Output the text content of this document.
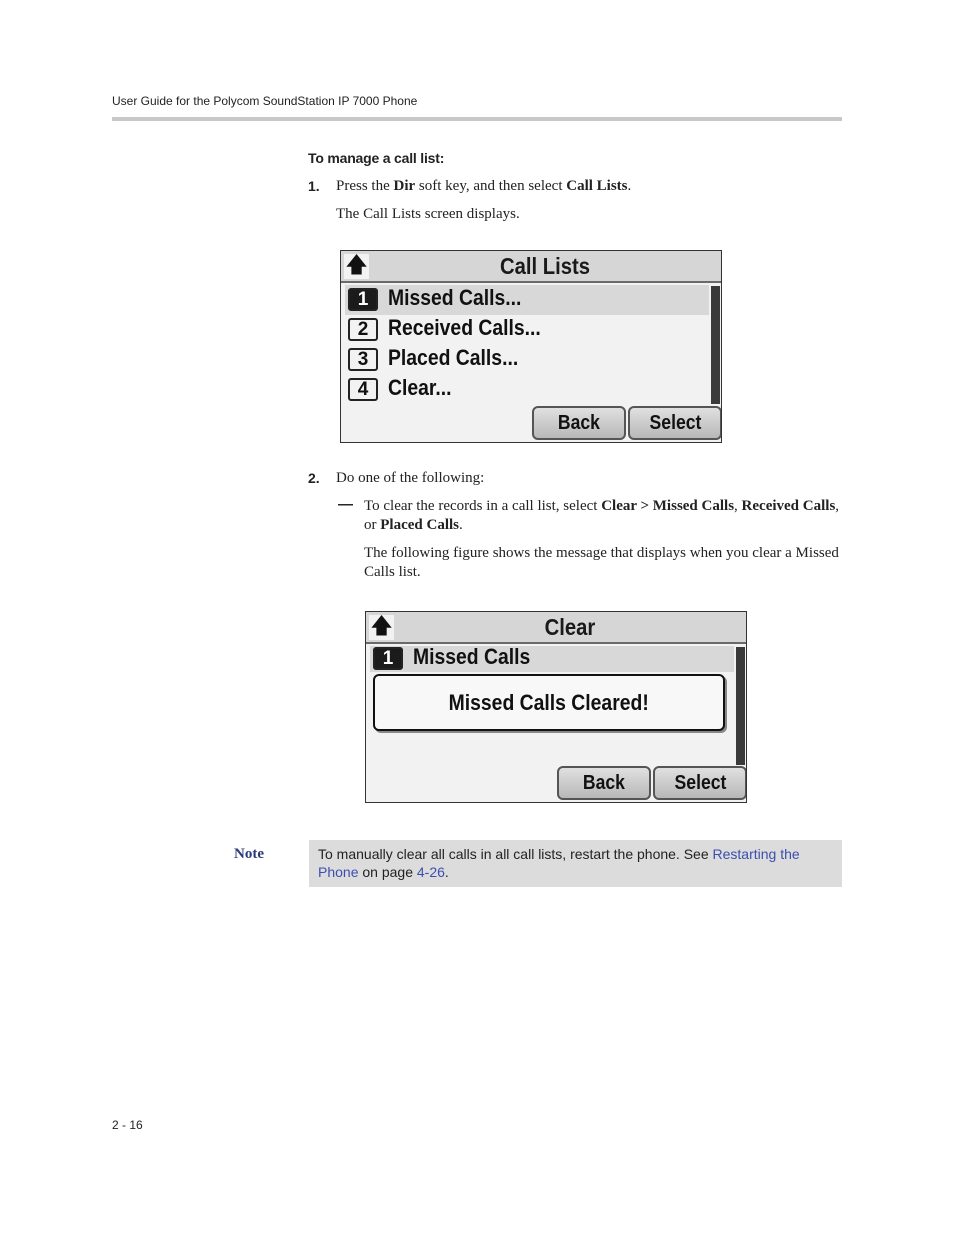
User Guide for the Polycom SoundStation IP 7000 Phone
To manage a call list:
1. Press the Dir soft key, and then select Call Lists.
The Call Lists screen displays.
🡅	Call Lists
1 Missed Calls...
2 Received Calls...
3 Placed Calls...
4 Clear...
Back	Select
2. Do one of the following:
— To clear the records in a call list, select Clear > Missed Calls, Received Calls, or Placed Calls.
The following figure shows the message that displays when you clear a Missed Calls list.
🡅	Clear
1 Missed Calls
Missed Calls Cleared!
Back	Select
Note	To manually clear all calls in all call lists, restart the phone. See Restarting the Phone on page 4-26.
2 - 16
